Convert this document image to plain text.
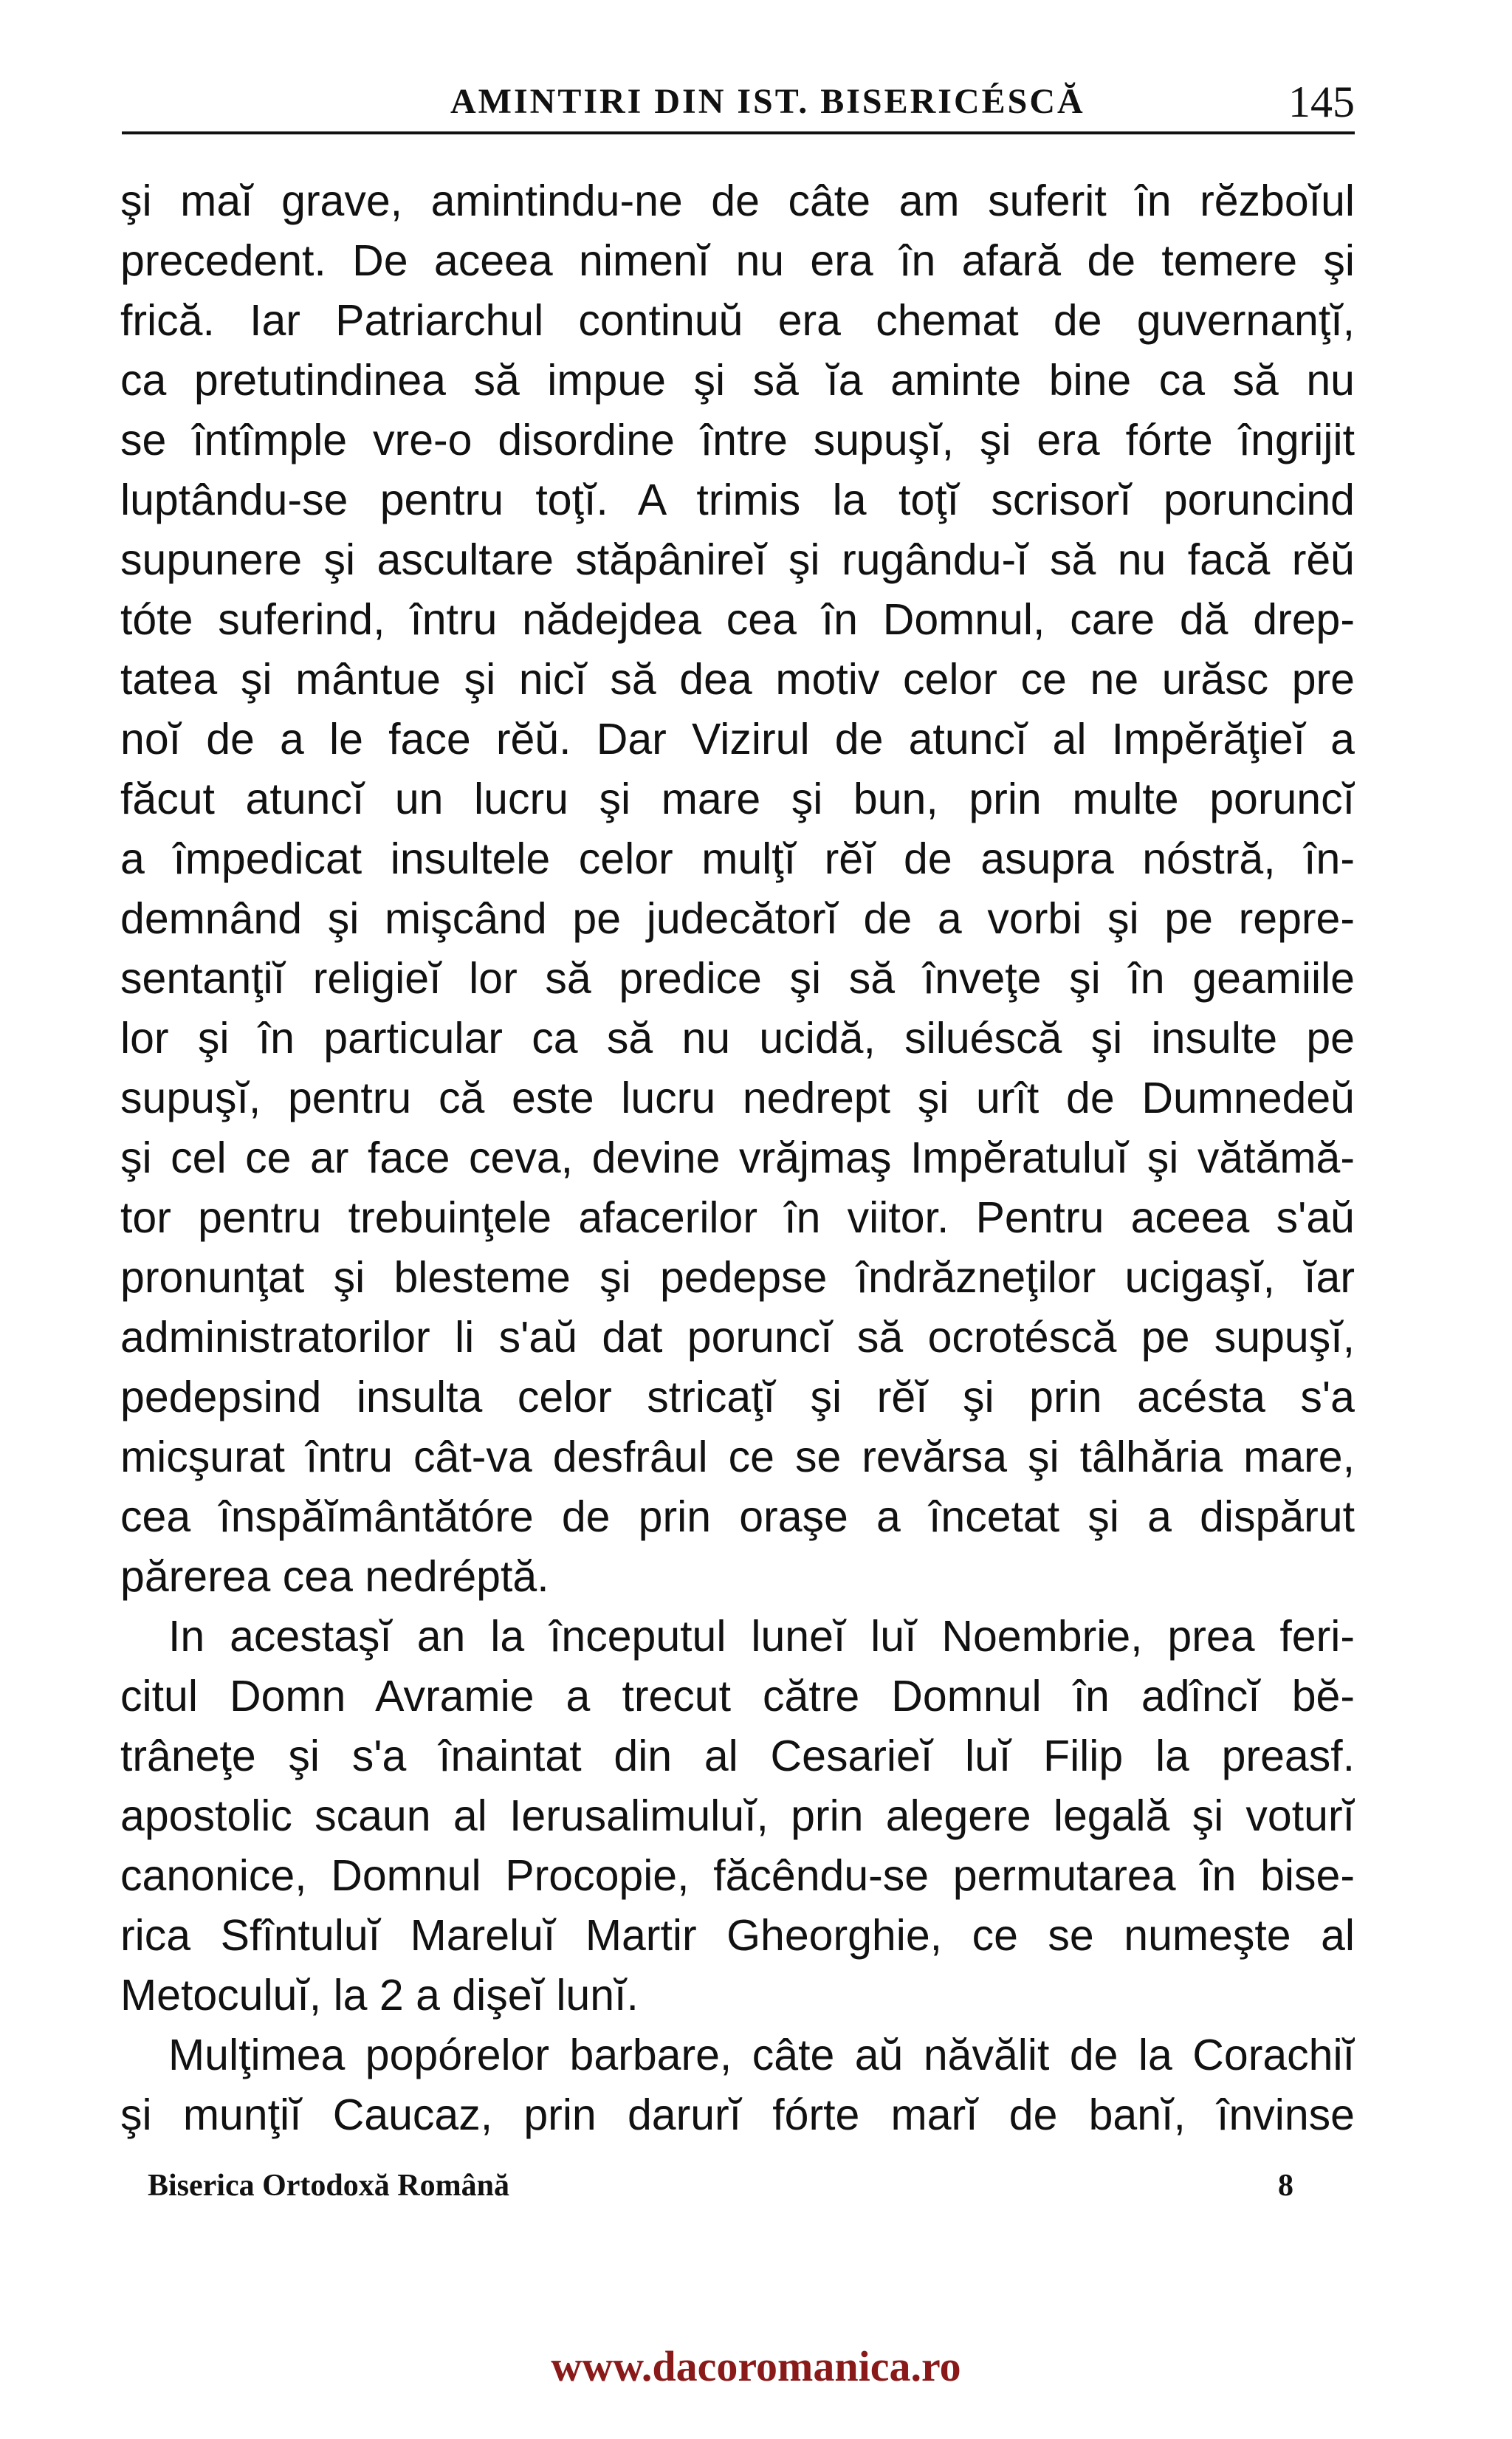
AMINTIRI DIN IST. BISERICÉSCĂ	145
şi maĭ grave, amintindu-ne de câte am suferit în rĕzboĭul
precedent. De aceea nimenĭ nu era în afară de temere şi
frică. Iar Patriarchul continuŭ era chemat de guvernanţĭ,
ca pretutindinea să impue şi să ĭa aminte bine ca să nu
se întîmple vre-o disordine între supuşĭ, şi era fórte îngrijit
luptându-se pentru toţĭ. A trimis la toţĭ scrisorĭ poruncind
supunere şi ascultare stăpânireĭ şi rugându-ĭ să nu facă rĕŭ
tóte suferind, întru nădejdea cea în Domnul, care dă drep-
tatea şi mântue şi nicĭ să dea motiv celor ce ne urăsc pre
noĭ de a le face rĕŭ. Dar Vizirul de atuncĭ al Impĕrăţieĭ a
făcut atuncĭ un lucru şi mare şi bun, prin multe poruncĭ
a împedicat insultele celor mulţĭ rĕĭ de asupra nóstră, în-
demnând şi mişcând pe judecătorĭ de a vorbi şi pe repre-
sentanţiĭ religieĭ lor să predice şi să înveţe şi în geamiile
lor şi în particular ca să nu ucidă, siluéscă şi insulte pe
supuşĭ, pentru că este lucru nedrept şi urît de Dumnedeŭ
şi cel ce ar face ceva, devine vrăjmaş Impĕratuluĭ şi vătămă-
tor pentru trebuinţele afacerilor în viitor. Pentru aceea s'aŭ
pronunţat şi blesteme şi pedepse îndrăzneţilor ucigaşĭ, ĭar
administratorilor li s'aŭ dat poruncĭ să ocrotéscă pe supuşĭ,
pedepsind insulta celor stricaţĭ şi rĕĭ şi prin acésta s'a
micşurat întru cât-va desfrâul ce se revărsa şi tâlhăria mare,
cea înspăĭmântătóre de prin oraşe a încetat şi a dispărut
părerea cea nedréptă.
In acestaşĭ an la începutul luneĭ luĭ Noembrie, prea feri-
citul Domn Avramie a trecut către Domnul în adîncĭ bĕ-
trâneţe şi s'a înaintat din al Cesarieĭ luĭ Filip la preasf.
apostolic scaun al Ierusalimuluĭ, prin alegere legală şi voturĭ
canonice, Domnul Procopie, făcêndu-se permutarea în bise-
rica Sfîntuluĭ Mareluĭ Martir Gheorghie, ce se numeşte al
Metoculuĭ, la 2 a dişeĭ lunĭ.
Mulţimea popórelor barbare, câte aŭ năvălit de la Corachiĭ
şi munţiĭ Caucaz, prin darurĭ fórte marĭ de banĭ, învinse
Biserica Ortodoxă Română	8
www.dacoromanica.ro
